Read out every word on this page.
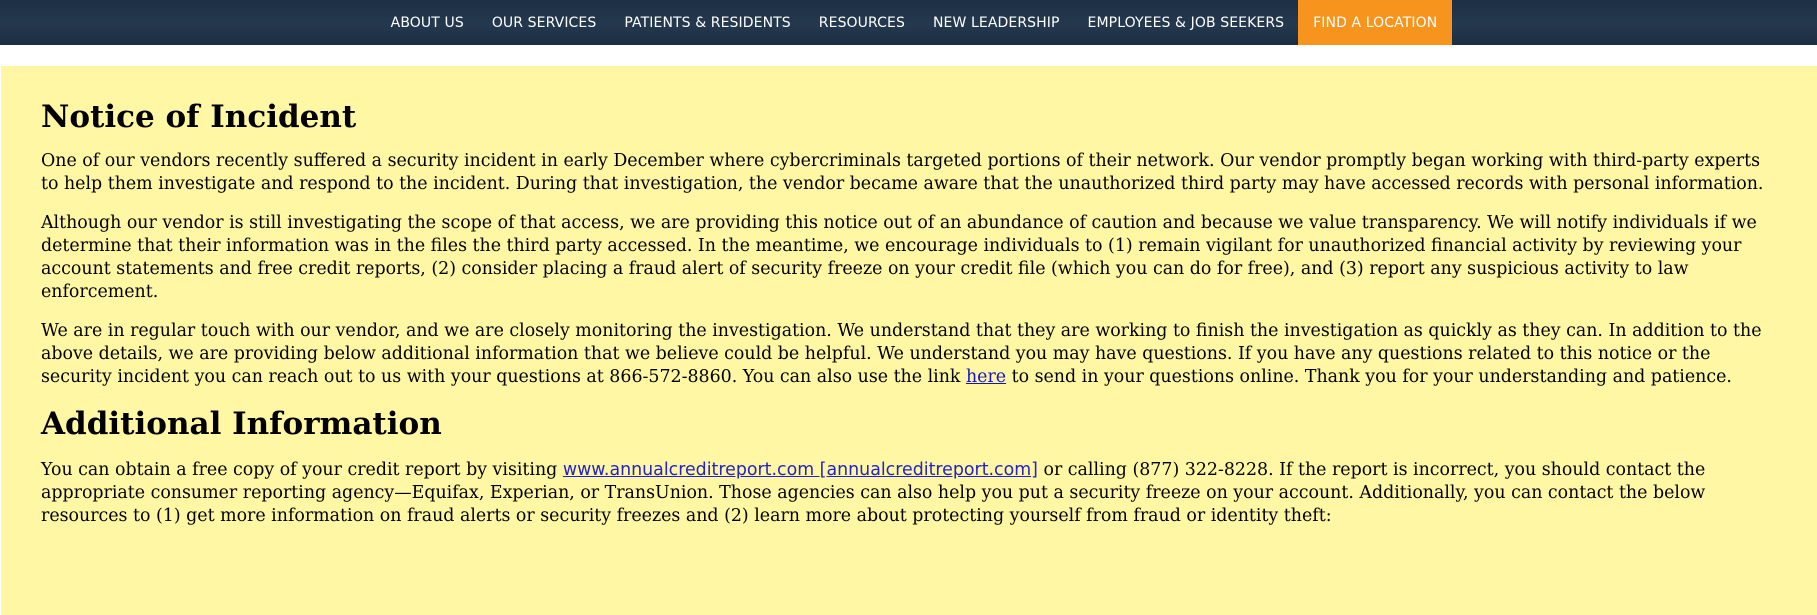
ABOUT US	OUR SERVICES	PATIENTS & RESIDENTS	RESOURCES	NEW LEADERSHIP	EMPLOYEES & JOB SEEKERS	FIND A LOCATION
Notice of Incident

One of our vendors recently suffered a security incident in early December where cybercriminals targeted portions of their network. Our vendor promptly began working with third-party experts to help them investigate and respond to the incident. During that investigation, the vendor became aware that the unauthorized third party may have accessed records with personal information.

Although our vendor is still investigating the scope of that access, we are providing this notice out of an abundance of caution and because we value transparency. We will notify individuals if we determine that their information was in the files the third party accessed. In the meantime, we encourage individuals to (1) remain vigilant for unauthorized financial activity by reviewing your account statements and free credit reports, (2) consider placing a fraud alert of security freeze on your credit file (which you can do for free), and (3) report any suspicious activity to law enforcement.

We are in regular touch with our vendor, and we are closely monitoring the investigation. We understand that they are working to finish the investigation as quickly as they can. In addition to the above details, we are providing below additional information that we believe could be helpful. We understand you may have questions. If you have any questions related to this notice or the security incident you can reach out to us with your questions at 866-572-8860. You can also use the link here to send in your questions online. Thank you for your understanding and patience.

Additional Information

You can obtain a free copy of your credit report by visiting www.annualcreditreport.com [annualcreditreport.com] or calling (877) 322-8228. If the report is incorrect, you should contact the appropriate consumer reporting agency—Equifax, Experian, or TransUnion. Those agencies can also help you put a security freeze on your account. Additionally, you can contact the below resources to (1) get more information on fraud alerts or security freezes and (2) learn more about protecting yourself from fraud or identity theft:
